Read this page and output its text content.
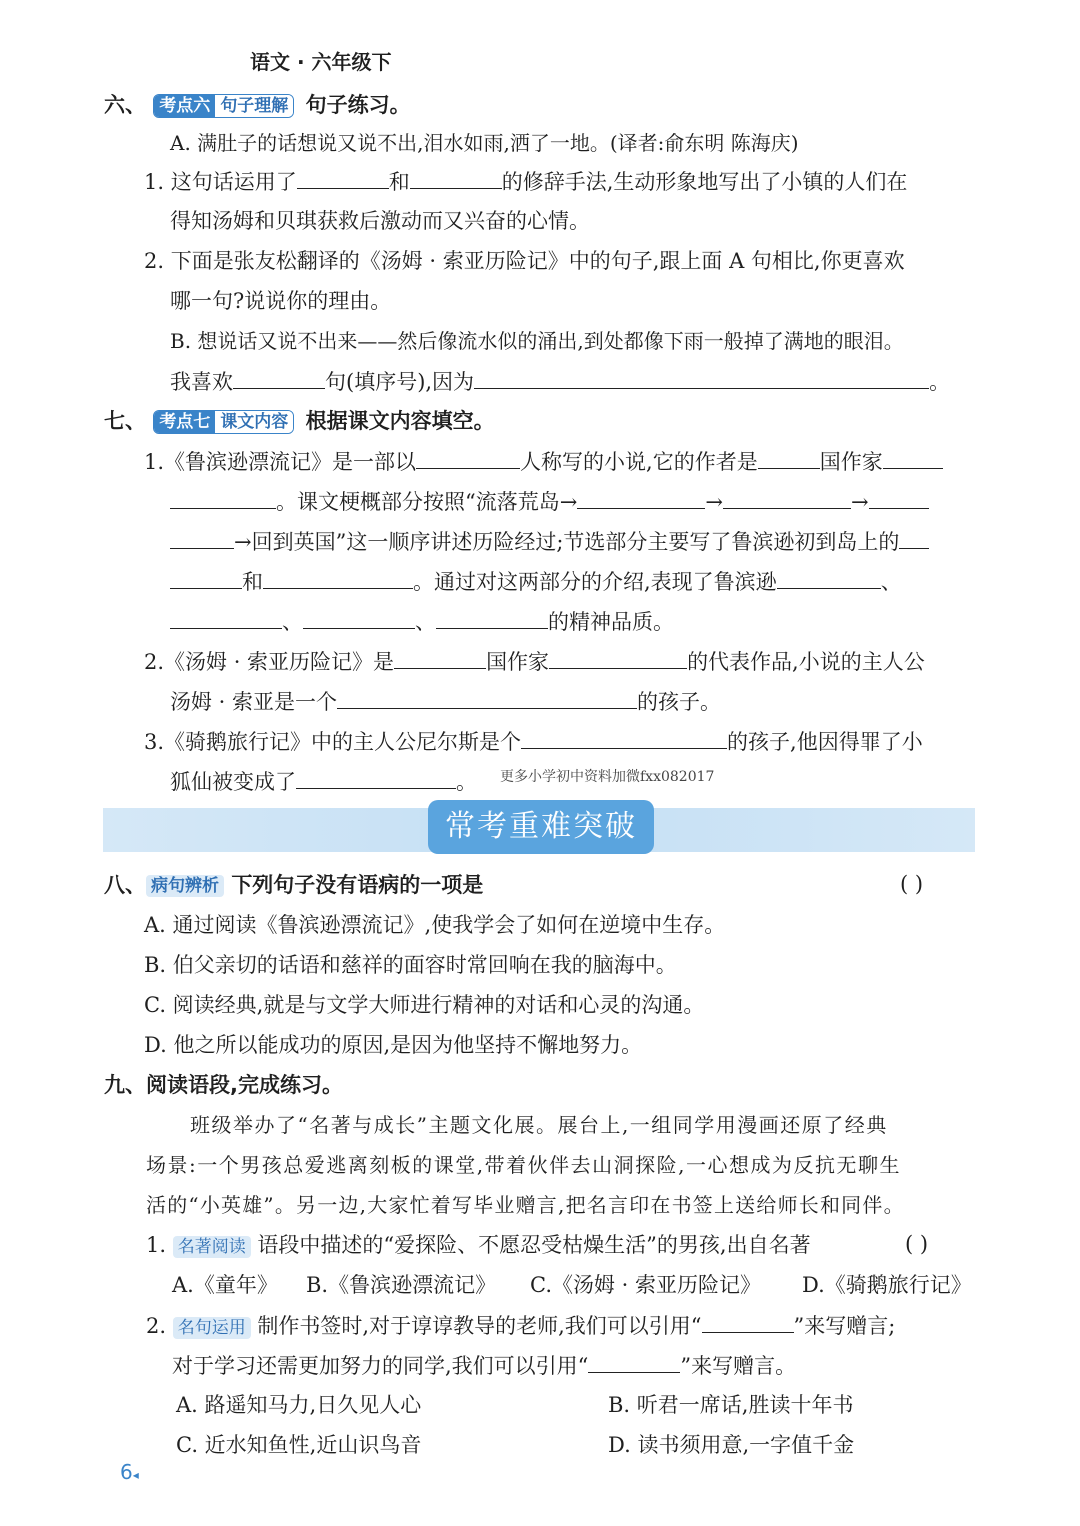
语文 · 六年级下
六、 考点六 句子理解 句子练习。
A. 满肚子的话想说又说不出,泪水如雨,洒了一地。(译者:俞东明 陈海庆)
1. 这句话运用了	和	的修辞手法,生动形象地写出了小镇的人们在
得知汤姆和贝琪获救后激动而又兴奋的心情。
2. 下面是张友松翻译的《汤姆 · 索亚历险记》中的句子,跟上面 A 句相比,你更喜欢
哪一句?说说你的理由。
B. 想说话又说不出来——然后像流水似的涌出,到处都像下雨一般掉了满地的眼泪。
我喜欢	句(填序号),因为	。
七、 考点七 课文内容 根据课文内容填空。
1.《鲁滨逊漂流记》是一部以	人称写的小说,它的作者是	国作家
。课文梗概部分按照“流落荒岛→	→	→
→回到英国”这一顺序讲述历险经过;节选部分主要写了鲁滨逊初到岛上的
和	。通过对这两部分的介绍,表现了鲁滨逊	、
、	、	的精神品质。
2.《汤姆 · 索亚历险记》是	国作家	的代表作品,小说的主人公
汤姆 · 索亚是一个	的孩子。
3.《骑鹅旅行记》中的主人公尼尔斯是个	的孩子,他因得罪了小
狐仙被变成了	。 更多小学初中资料加微fxx082017
常考重难突破
八、 病句辨析 下列句子没有语病的一项是	( )
A. 通过阅读《鲁滨逊漂流记》,使我学会了如何在逆境中生存。
B. 伯父亲切的话语和慈祥的面容时常回响在我的脑海中。
C. 阅读经典,就是与文学大师进行精神的对话和心灵的沟通。
D. 他之所以能成功的原因,是因为他坚持不懈地努力。
九、阅读语段,完成练习。
班级举办了“名著与成长”主题文化展。展台上,一组同学用漫画还原了经典
场景:一个男孩总爱逃离刻板的课堂,带着伙伴去山洞探险,一心想成为反抗无聊生
活的“小英雄”。另一边,大家忙着写毕业赠言,把名言印在书签上送给师长和同伴。
1. 名著阅读 语段中描述的“爱探险、不愿忍受枯燥生活”的男孩,出自名著	( )
A.《童年》 B.《鲁滨逊漂流记》 C.《汤姆 · 索亚历险记》 D.《骑鹅旅行记》
2. 名句运用 制作书签时,对于谆谆教导的老师,我们可以引用“	”来写赠言;
对于学习还需更加努力的同学,我们可以引用“	”来写赠言。
A. 路遥知马力,日久见人心	B. 听君一席话,胜读十年书
C. 近水知鱼性,近山识鸟音	D. 读书须用意,一字值千金
6◂
